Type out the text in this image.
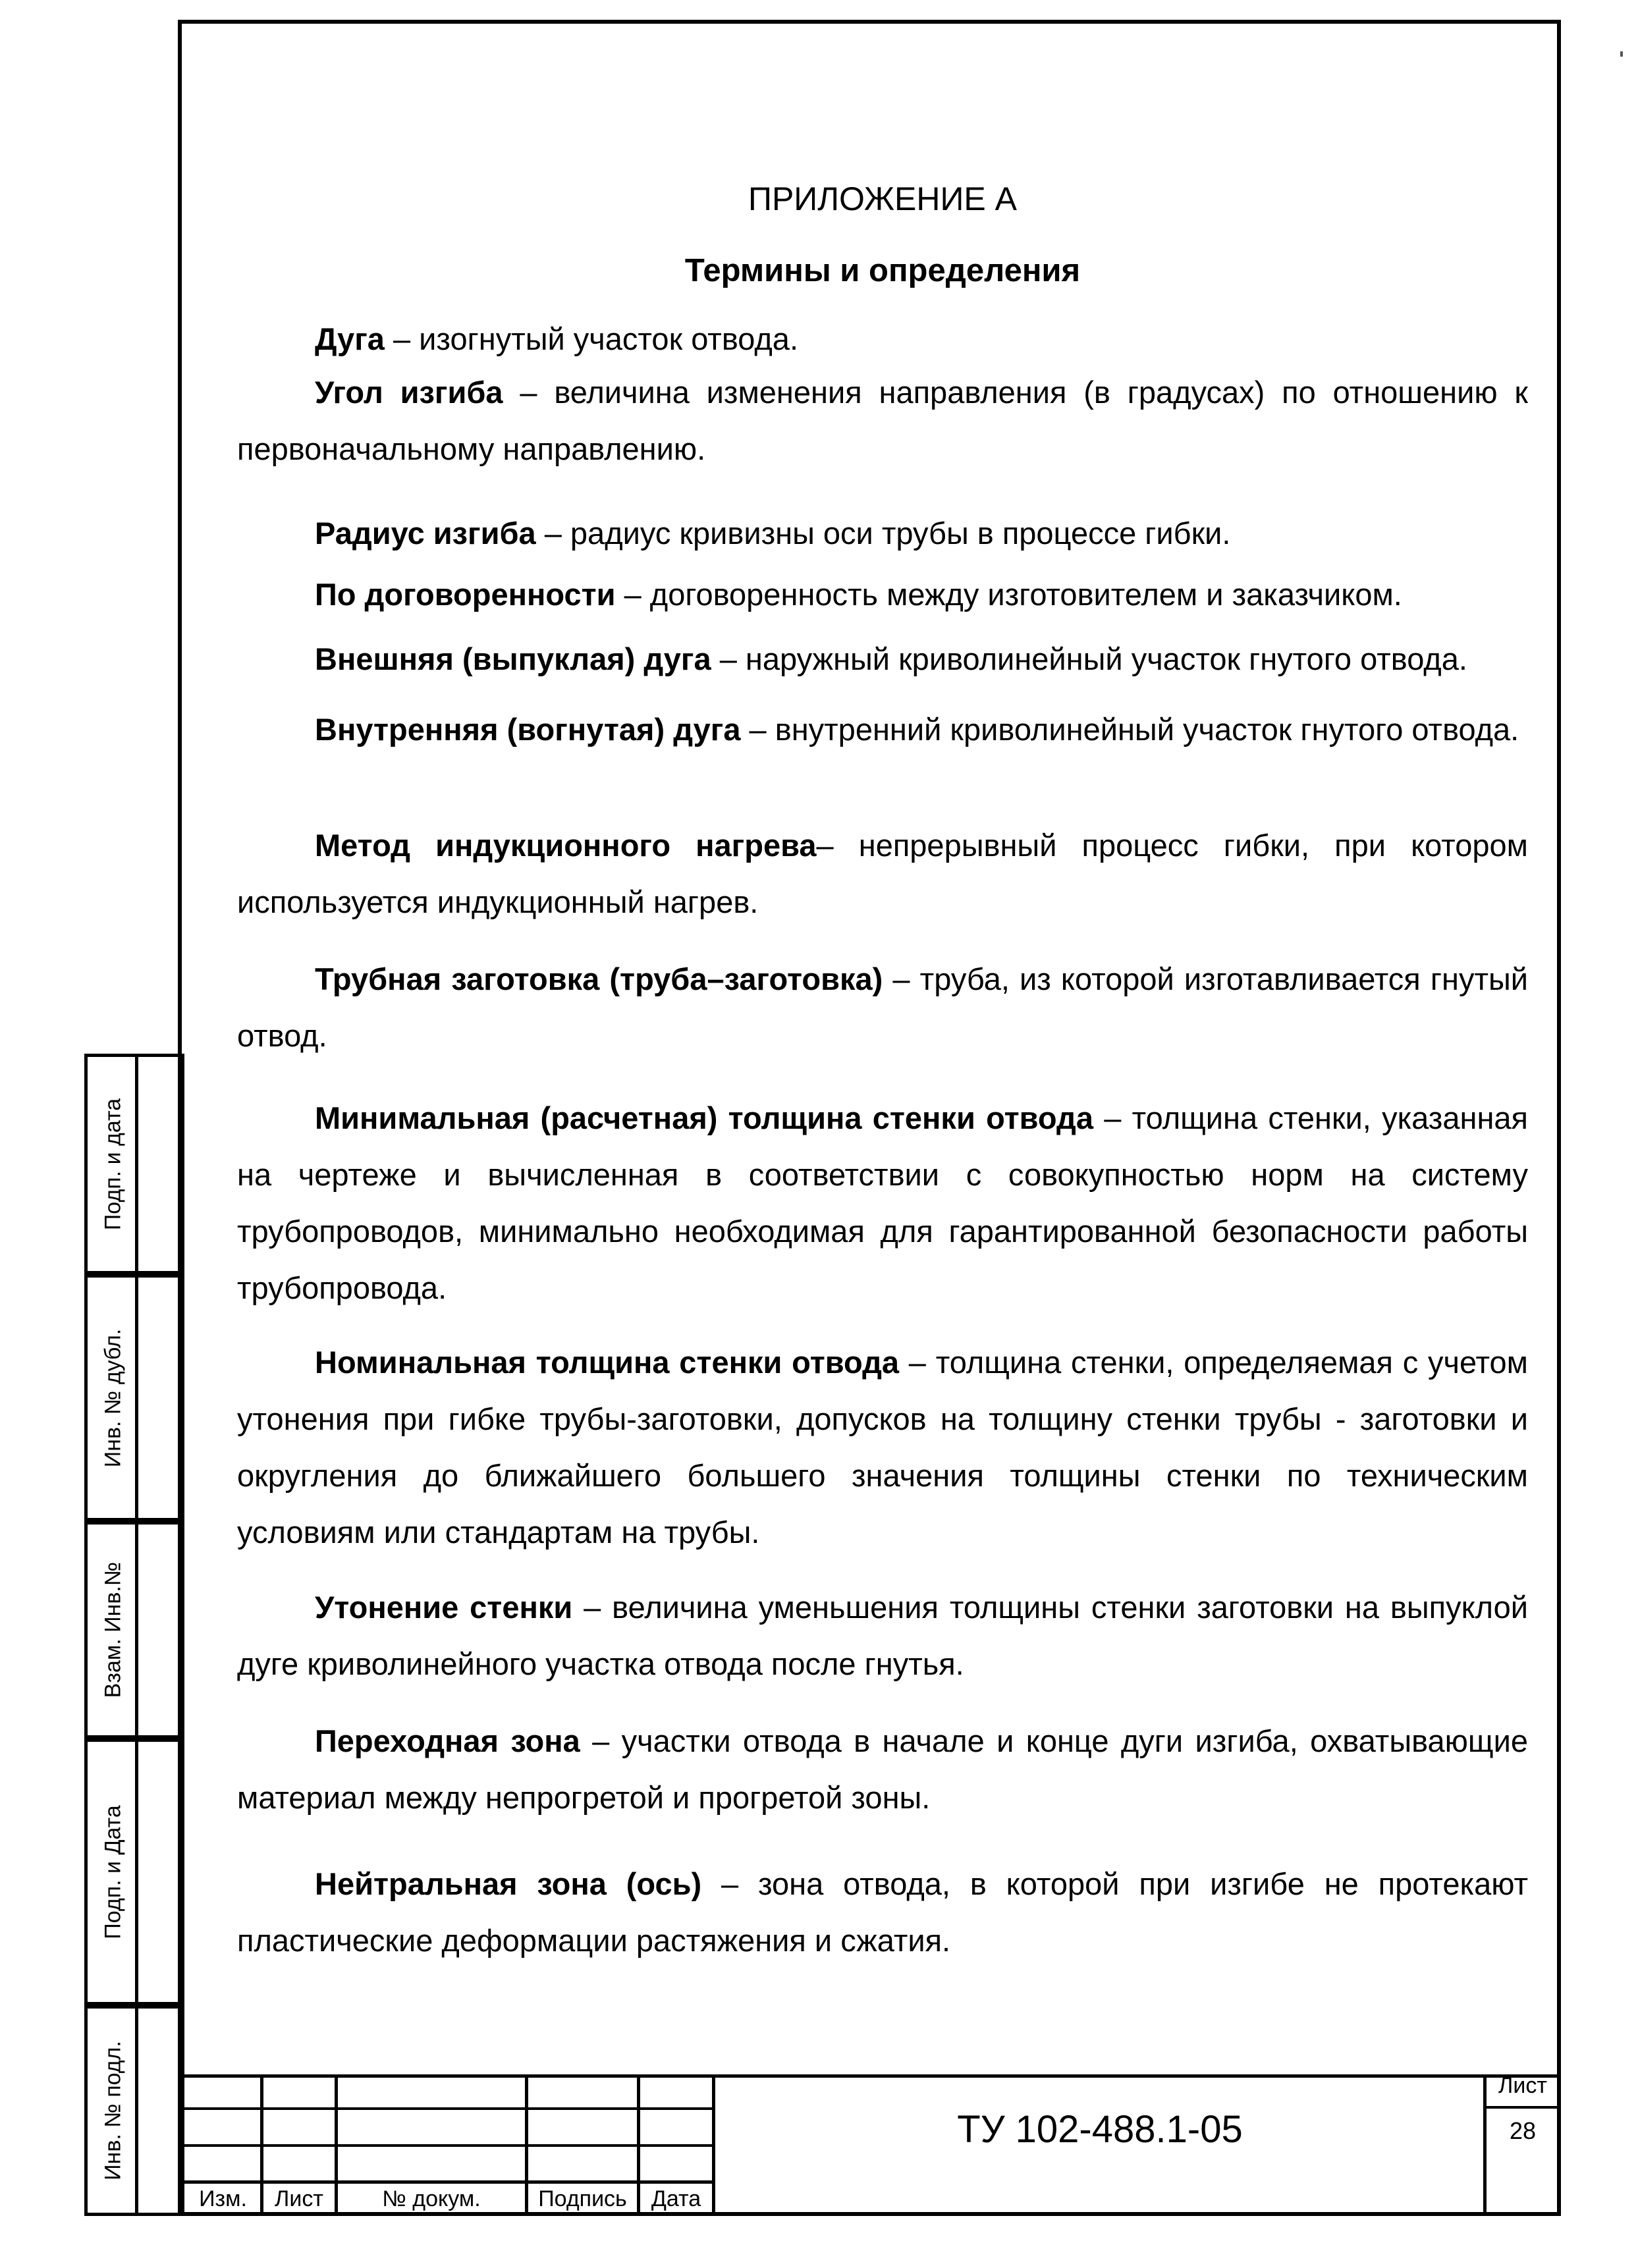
ПРИЛОЖЕНИЕ А
Термины и определения

Дуга – изогнутый участок отвода.

Угол изгиба – величина изменения направления (в градусах) по отношению к первоначальному направлению.

Радиус изгиба – радиус кривизны оси трубы в процессе гибки.

По договоренности – договоренность между изготовителем и заказчиком.

Внешняя (выпуклая) дуга – наружный криволинейный участок гнутого отвода.

Внутренняя (вогнутая) дуга – внутренний криволинейный участок гнутого отвода.

Метод индукционного нагрева– непрерывный процесс гибки, при котором используется индукционный нагрев.

Трубная заготовка (труба–заготовка) – труба, из которой изготавливается гнутый отвод.

Минимальная (расчетная) толщина стенки отвода – толщина стенки, указанная на чертеже и вычисленная в соответствии с совокупностью норм на систему трубопроводов, минимально необходимая для гарантированной безопасности работы трубопровода.

Номинальная толщина стенки отвода – толщина стенки, определяемая с учетом утонения при гибке трубы-заготовки, допусков на толщину стенки трубы - заготовки и округления до ближайшего большего значения толщины стенки по техническим условиям или стандартам на трубы.

Утонение стенки – величина уменьшения толщины стенки заготовки на выпуклой дуге криволинейного участка отвода после гнутья.

Переходная зона – участки отвода в начале и конце дуги изгиба, охватывающие материал между непрогретой и прогретой зоны.

Нейтральная зона (ось) – зона отвода, в которой при изгибе не протекают пластические деформации растяжения и сжатия.

Подп. и дата
Инв. № дубл.
Взам. Инв.№
Подп. и Дата
Инв. № подл.
Изм.	Лист	№ докум.	Подпись	Дата
ТУ 102-488.1-05
Лист
28
